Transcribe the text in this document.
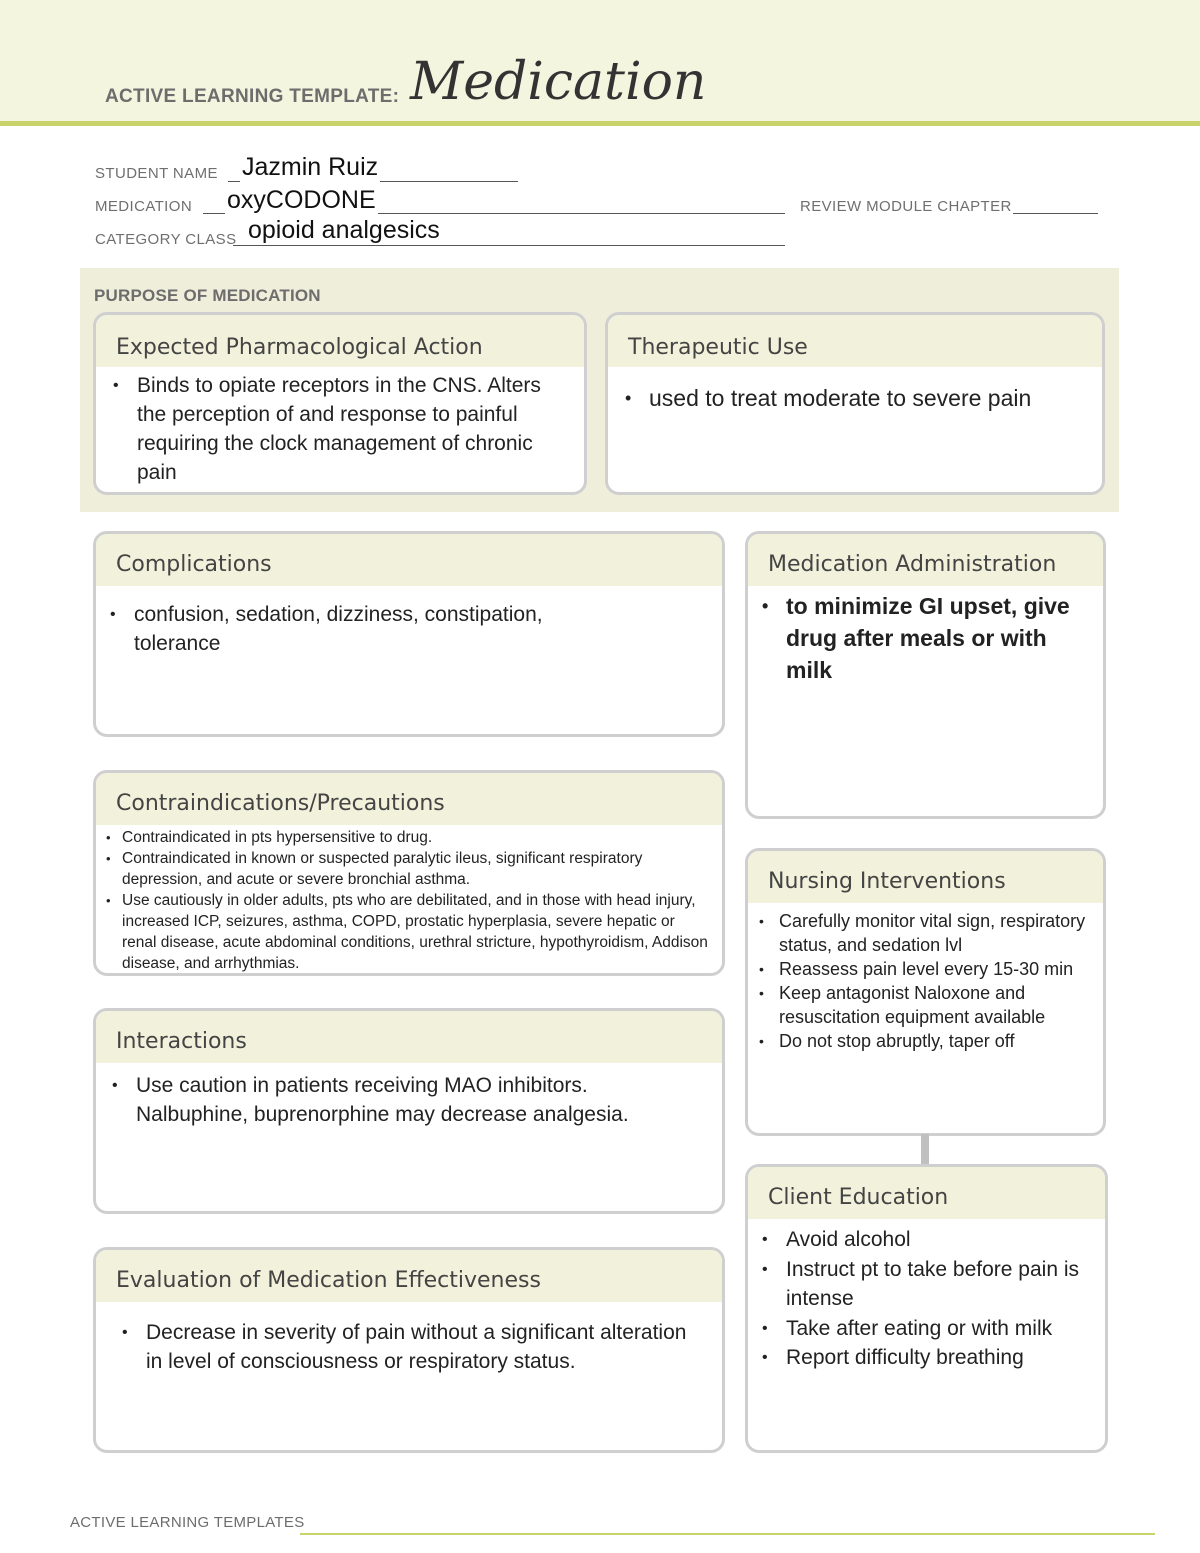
ACTIVE LEARNING TEMPLATE: Medication
STUDENT NAME Jazmin Ruiz
MEDICATION oxyCODONE	REVIEW MODULE CHAPTER
CATEGORY CLASS opioid analgesics
PURPOSE OF MEDICATION
Expected Pharmacological Action
• Binds to opiate receptors in the CNS. Alters the perception of and response to painful requiring the clock management of chronic pain
Therapeutic Use
• used to treat moderate to severe pain
Complications
• confusion, sedation, dizziness, constipation, tolerance
Medication Administration
• to minimize GI upset, give drug after meals or with milk
Contraindications/Precautions
• Contraindicated in pts hypersensitive to drug.
• Contraindicated in known or suspected paralytic ileus, significant respiratory depression, and acute or severe bronchial asthma.
• Use cautiously in older adults, pts who are debilitated, and in those with head injury, increased ICP, seizures, asthma, COPD, prostatic hyperplasia, severe hepatic or renal disease, acute abdominal conditions, urethral stricture, hypothyroidism, Addison disease, and arrhythmias.
Nursing Interventions
• Carefully monitor vital sign, respiratory status, and sedation lvl
• Reassess pain level every 15-30 min
• Keep antagonist Naloxone and resuscitation equipment available
• Do not stop abruptly, taper off
Interactions
• Use caution in patients receiving MAO inhibitors. Nalbuphine, buprenorphine may decrease analgesia.
Client Education
• Avoid alcohol
• Instruct pt to take before pain is intense
• Take after eating or with milk
• Report difficulty breathing
Evaluation of Medication Effectiveness
• Decrease in severity of pain without a significant alteration in level of consciousness or respiratory status.
ACTIVE LEARNING TEMPLATES
